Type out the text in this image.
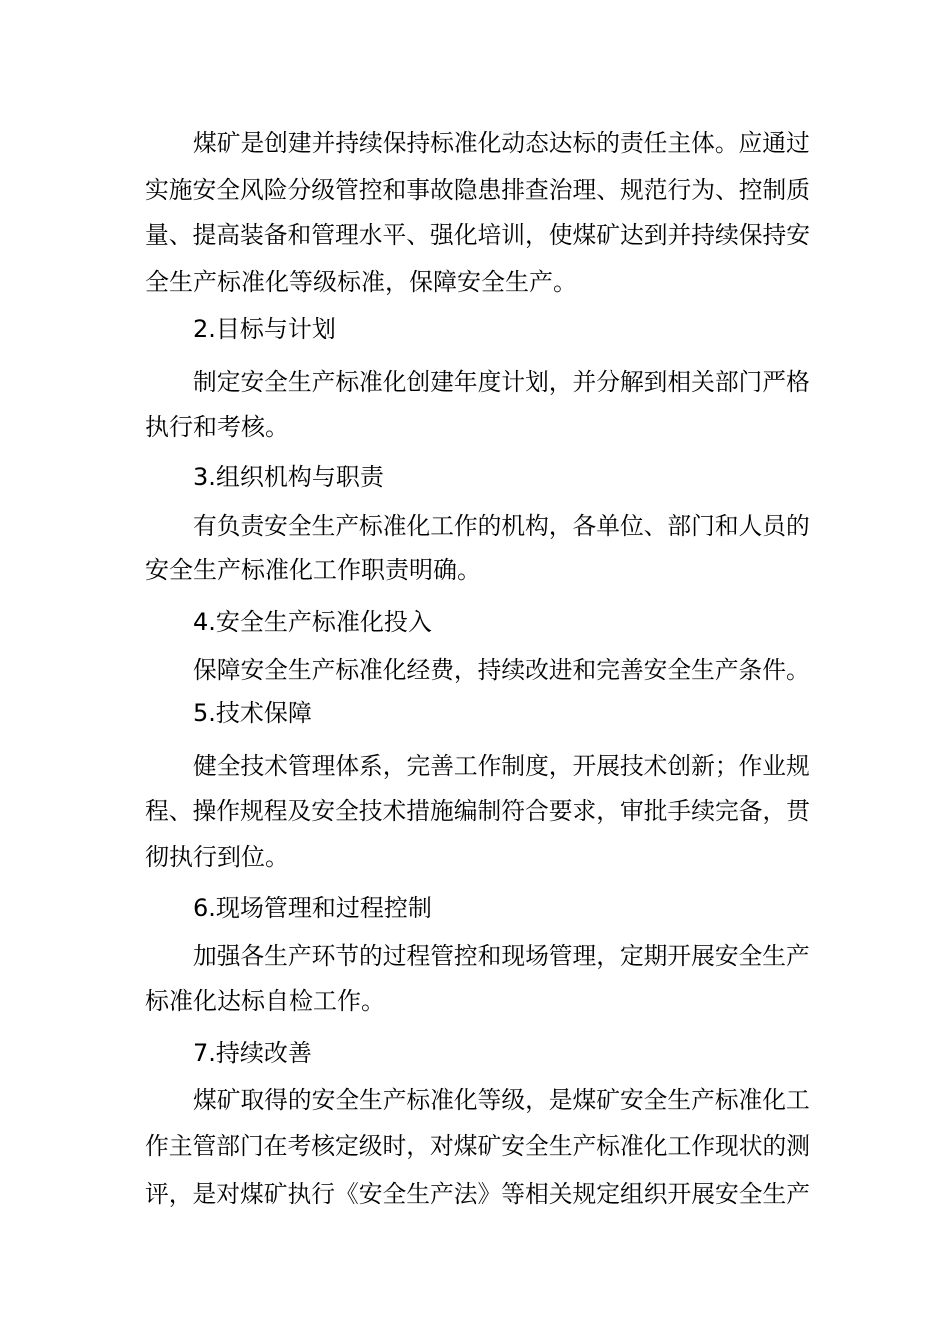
煤矿是创建并持续保持标准化动态达标的责任主体。应通过
实施安全风险分级管控和事故隐患排查治理、规范行为、控制质
量、提高装备和管理水平、强化培训，使煤矿达到并持续保持安
全生产标准化等级标准，保障安全生产。
2.目标与计划
制定安全生产标准化创建年度计划，并分解到相关部门严格
执行和考核。
3.组织机构与职责
有负责安全生产标准化工作的机构，各单位、部门和人员的
安全生产标准化工作职责明确。
4.安全生产标准化投入
保障安全生产标准化经费，持续改进和完善安全生产条件。
5.技术保障
健全技术管理体系，完善工作制度，开展技术创新；作业规
程、操作规程及安全技术措施编制符合要求，审批手续完备，贯
彻执行到位。
6.现场管理和过程控制
加强各生产环节的过程管控和现场管理，定期开展安全生产
标准化达标自检工作。
7.持续改善
煤矿取得的安全生产标准化等级，是煤矿安全生产标准化工
作主管部门在考核定级时，对煤矿安全生产标准化工作现状的测
评，是对煤矿执行《安全生产法》等相关规定组织开展安全生产
